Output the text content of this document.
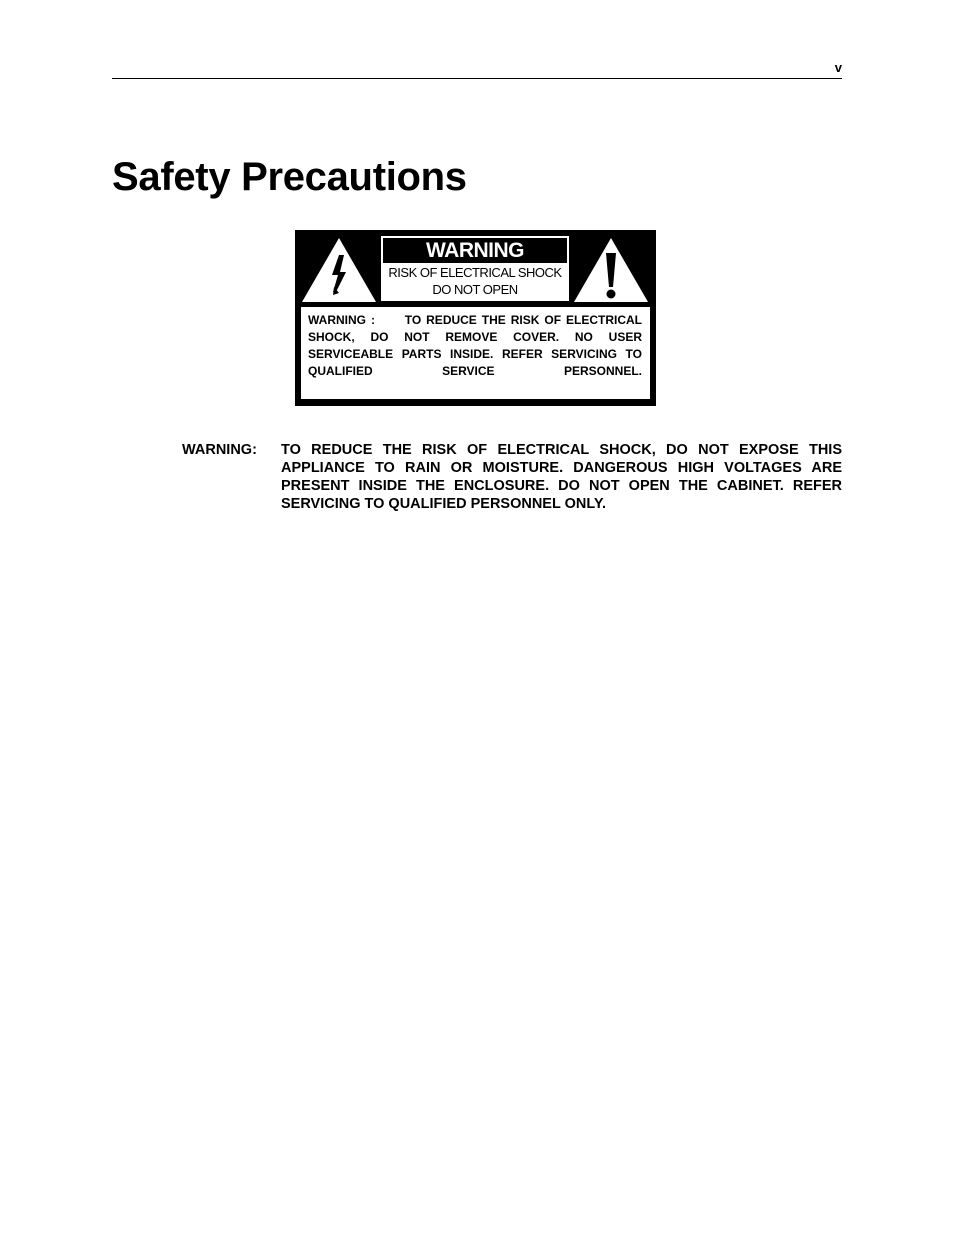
v
Safety Precautions
WARNING
RISK OF ELECTRICAL SHOCK
DO NOT OPEN
WARNING :      TO REDUCE THE RISK OF ELECTRICAL SHOCK, DO NOT REMOVE COVER. NO USER SERVICEABLE PARTS INSIDE. REFER SERVICING TO QUALIFIED SERVICE PERSONNEL.
WARNING: TO REDUCE THE RISK OF ELECTRICAL SHOCK, DO NOT EXPOSE THIS APPLIANCE TO RAIN OR MOISTURE. DANGEROUS HIGH VOLTAGES ARE PRESENT INSIDE THE ENCLOSURE. DO NOT OPEN THE CABINET. REFER SERVICING TO QUALIFIED PERSONNEL ONLY.
